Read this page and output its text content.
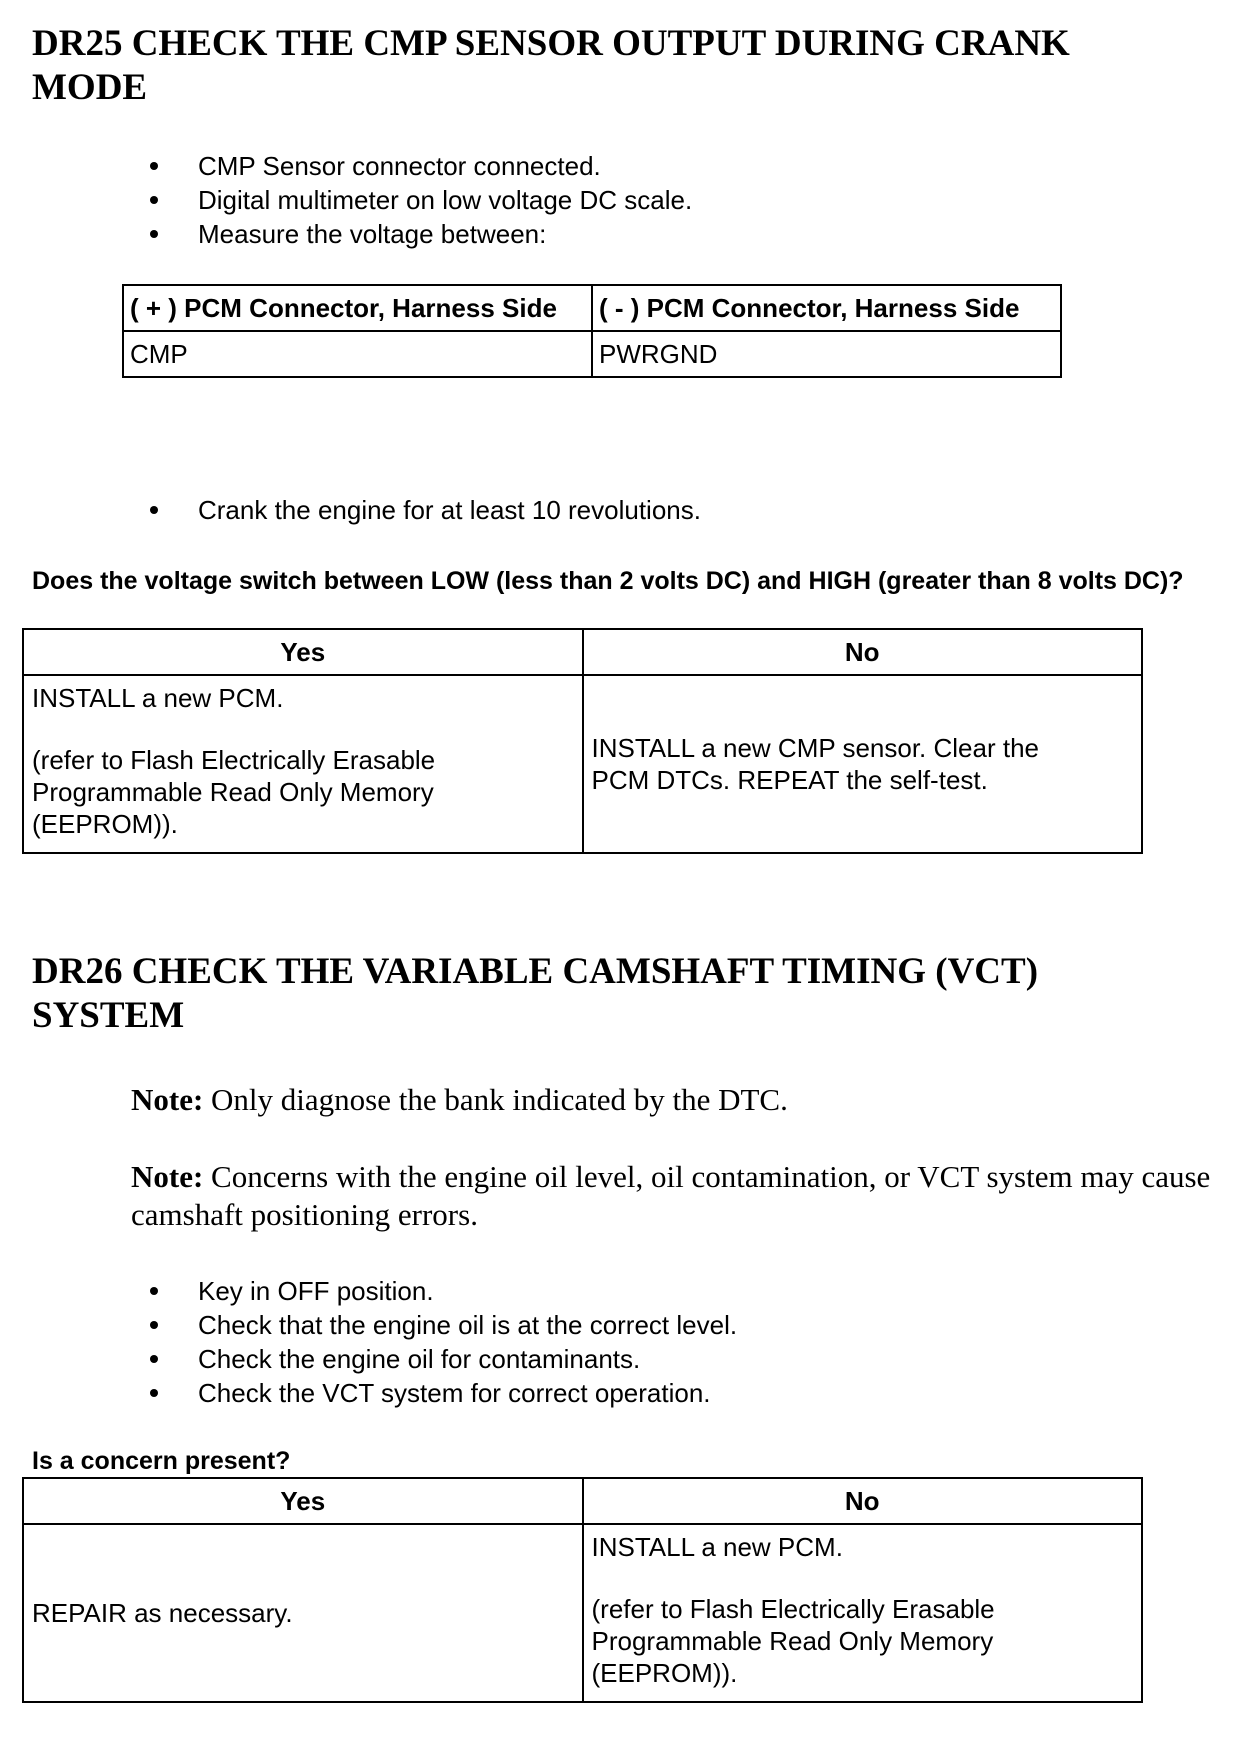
DR25 CHECK THE CMP SENSOR OUTPUT DURING CRANK
MODE
CMP Sensor connector connected.
Digital multimeter on low voltage DC scale.
Measure the voltage between:
( + ) PCM Connector, Harness Side	( - ) PCM Connector, Harness Side
CMP	PWRGND
Crank the engine for at least 10 revolutions.

Does the voltage switch between LOW (less than 2 volts DC) and HIGH (greater than 8 volts DC)?

Yes	No

INSTALL a new PCM.
(refer to Flash Electrically Erasable Programmable Read Only Memory (EEPROM)).	INSTALL a new CMP sensor. Clear the PCM DTCs. REPEAT the self-test.
DR26 CHECK THE VARIABLE CAMSHAFT TIMING (VCT)
SYSTEM

Note: Only diagnose the bank indicated by the DTC.

Note: Concerns with the engine oil level, oil contamination, or VCT system may cause camshaft positioning errors.

Key in OFF position.
Check that the engine oil is at the correct level.
Check the engine oil for contaminants.
Check the VCT system for correct operation.

Is a concern present?

Yes	No

REPAIR as necessary.	INSTALL a new PCM.
(refer to Flash Electrically Erasable Programmable Read Only Memory (EEPROM)).
